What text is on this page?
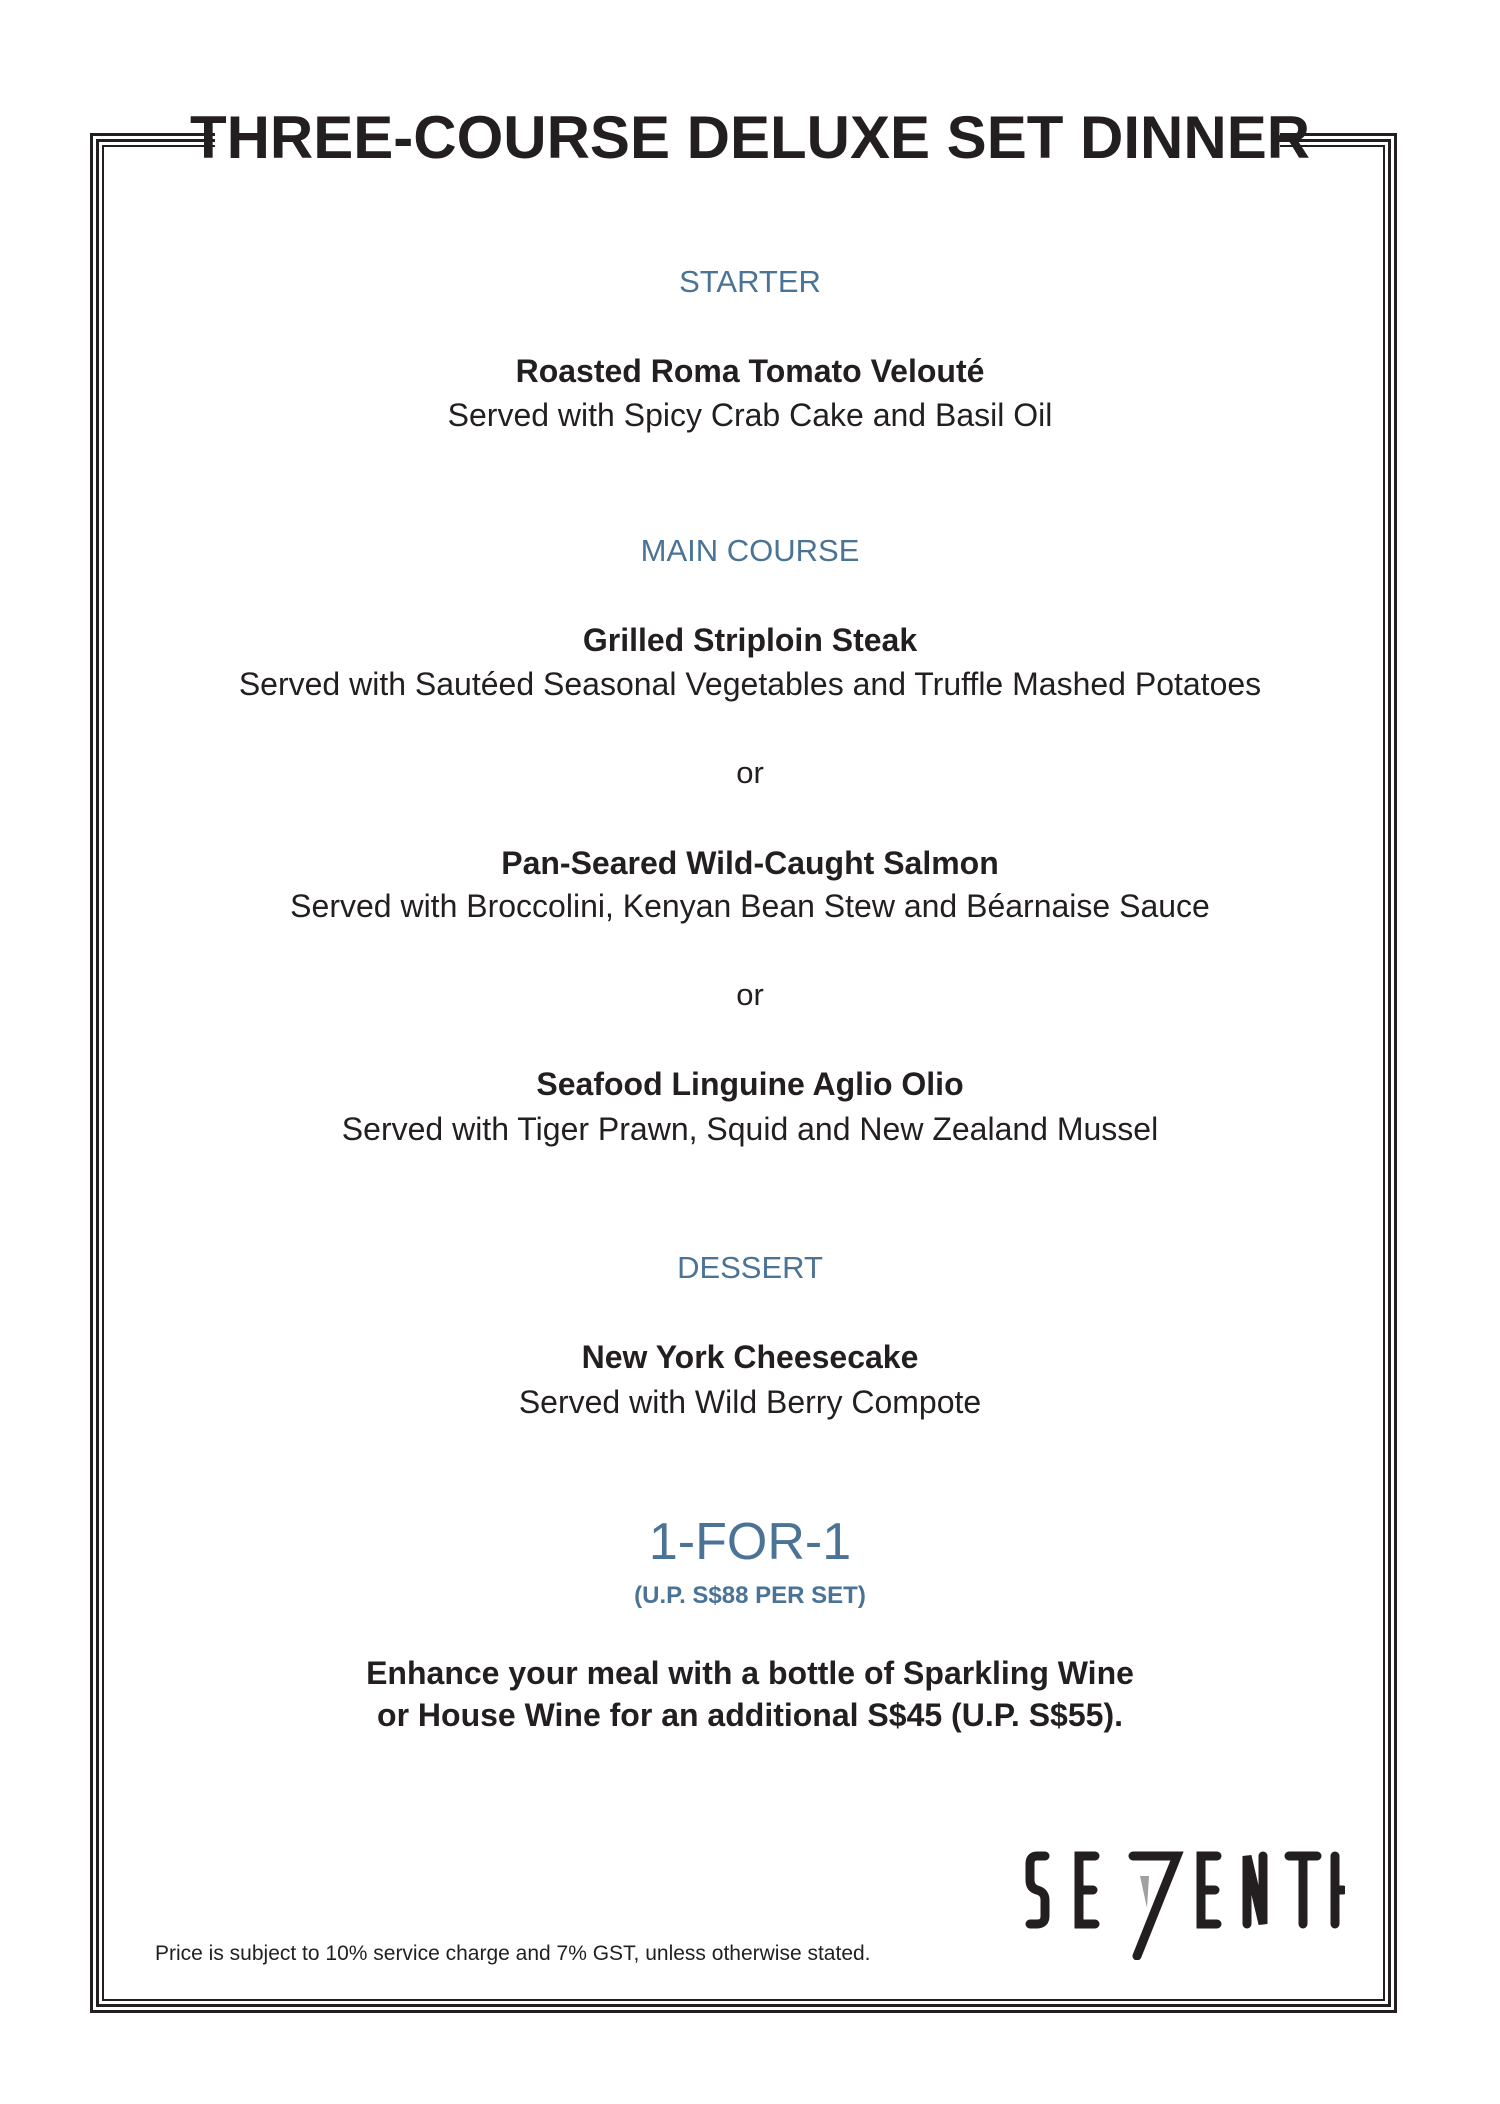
THREE-COURSE DELUXE SET DINNER
STARTER
Roasted Roma Tomato Velouté
Served with Spicy Crab Cake and Basil Oil
MAIN COURSE
Grilled Striploin Steak
Served with Sautéed Seasonal Vegetables and Truffle Mashed Potatoes
or
Pan-Seared Wild-Caught Salmon
Served with Broccolini, Kenyan Bean Stew and Béarnaise Sauce
or
Seafood Linguine Aglio Olio
Served with Tiger Prawn, Squid and New Zealand Mussel
DESSERT
New York Cheesecake
Served with Wild Berry Compote
1-FOR-1
(U.P. S$88 PER SET)
Enhance your meal with a bottle of Sparkling Wine
or House Wine for an additional S$45 (U.P. S$55).
Price is subject to 10% service charge and 7% GST, unless otherwise stated.
